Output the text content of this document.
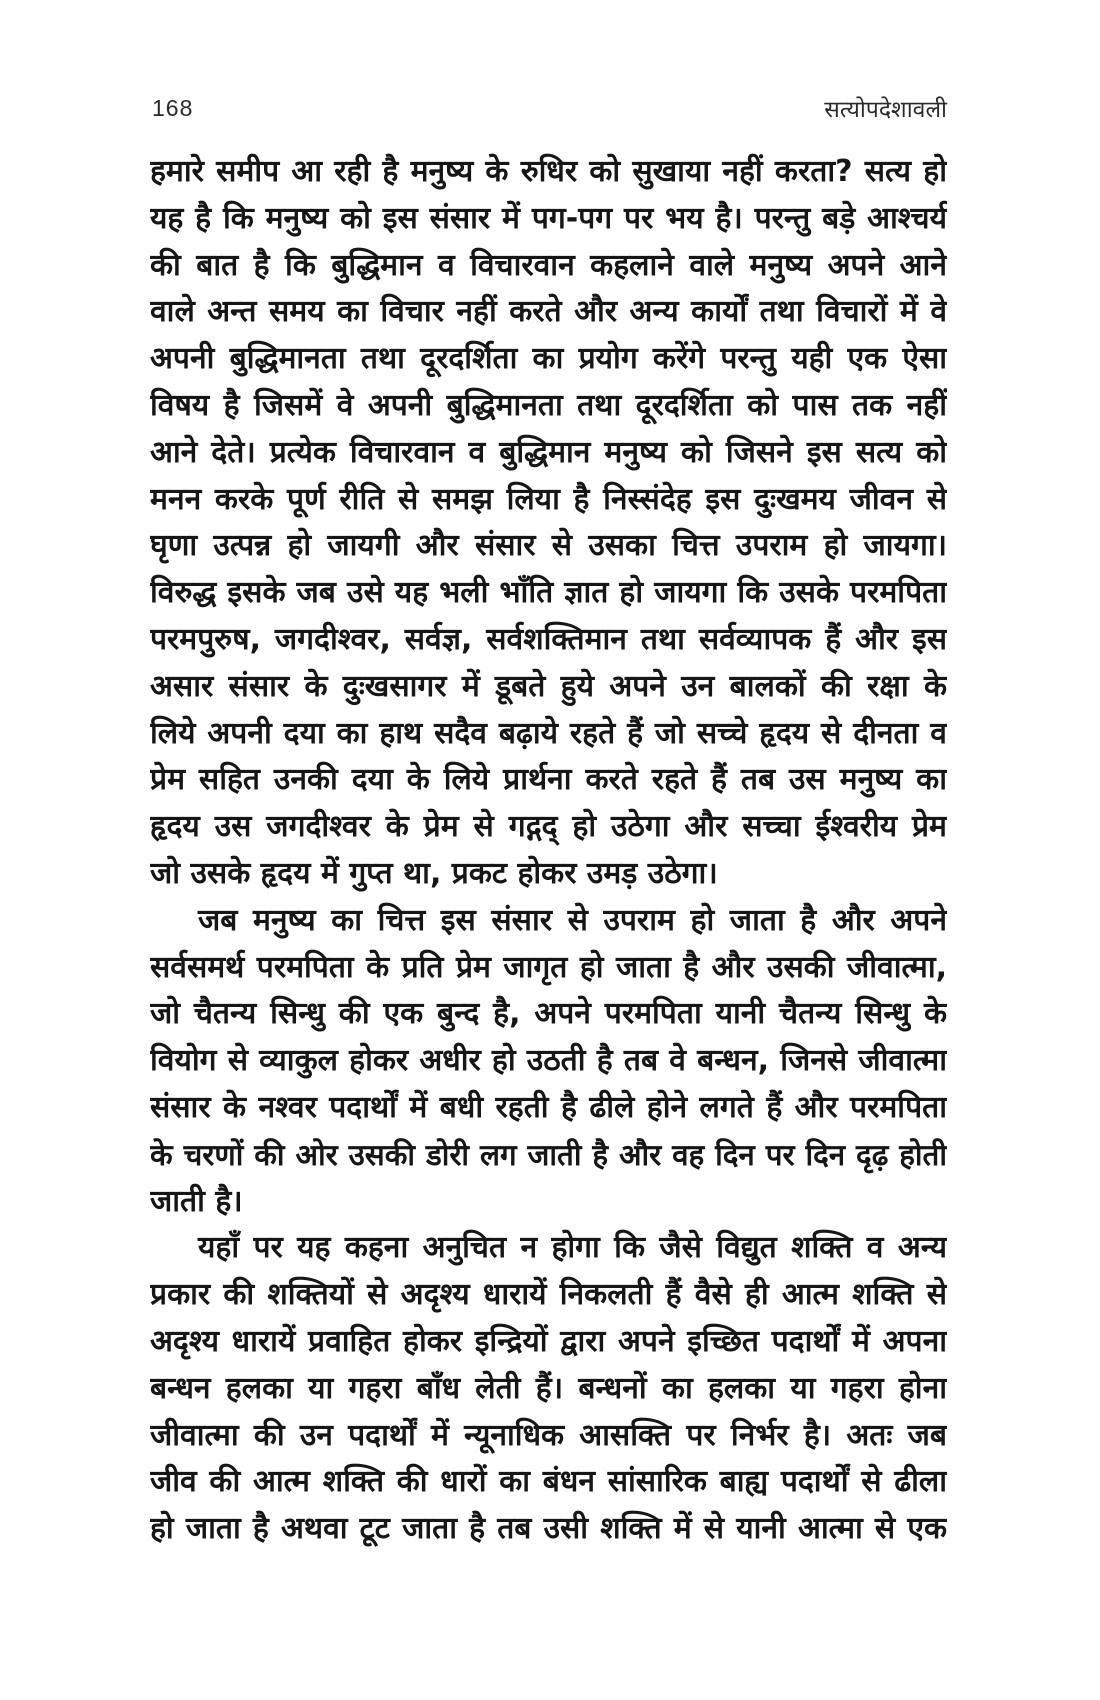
168	सत्योपदेशावली
हमारे समीप आ रही है मनुष्य के रुधिर को सुखाया नहीं करता? सत्य हो
यह है कि मनुष्य को इस संसार में पग-पग पर भय है। परन्तु बड़े आश्चर्य
की बात है कि बुद्धिमान व विचारवान कहलाने वाले मनुष्य अपने आने
वाले अन्त समय का विचार नहीं करते और अन्य कार्यों तथा विचारों में वे
अपनी बुद्धिमानता तथा दूरदर्शिता का प्रयोग करेंगे परन्तु यही एक ऐसा
विषय है जिसमें वे अपनी बुद्धिमानता तथा दूरदर्शिता को पास तक नहीं
आने देते। प्रत्येक विचारवान व बुद्धिमान मनुष्य को जिसने इस सत्य को
मनन करके पूर्ण रीति से समझ लिया है निस्संदेह इस दुःखमय जीवन से
घृणा उत्पन्न हो जायगी और संसार से उसका चित्त उपराम हो जायगा।
विरुद्ध इसके जब उसे यह भली भाँति ज्ञात हो जायगा कि उसके परमपिता
परमपुरुष, जगदीश्वर, सर्वज्ञ, सर्वशक्तिमान तथा सर्वव्यापक हैं और इस
असार संसार के दुःखसागर में डूबते हुये अपने उन बालकों की रक्षा के
लिये अपनी दया का हाथ सदैव बढ़ाये रहते हैं जो सच्चे हृदय से दीनता व
प्रेम सहित उनकी दया के लिये प्रार्थना करते रहते हैं तब उस मनुष्य का
हृदय उस जगदीश्वर के प्रेम से गद्गद् हो उठेगा और सच्चा ईश्वरीय प्रेम
जो उसके हृदय में गुप्त था, प्रकट होकर उमड़ उठेगा।
जब मनुष्य का चित्त इस संसार से उपराम हो जाता है और अपने
सर्वसमर्थ परमपिता के प्रति प्रेम जागृत हो जाता है और उसकी जीवात्मा,
जो चैतन्य सिन्धु की एक बुन्द है, अपने परमपिता यानी चैतन्य सिन्धु के
वियोग से व्याकुल होकर अधीर हो उठती है तब वे बन्धन, जिनसे जीवात्मा
संसार के नश्वर पदार्थों में बधी रहती है ढीले होने लगते हैं और परमपिता
के चरणों की ओर उसकी डोरी लग जाती है और वह दिन पर दिन दृढ़ होती
जाती है।
यहाँ पर यह कहना अनुचित न होगा कि जैसे विद्युत शक्ति व अन्य
प्रकार की शक्तियों से अदृश्य धारायें निकलती हैं वैसे ही आत्म शक्ति से
अदृश्य धारायें प्रवाहित होकर इन्द्रियों द्वारा अपने इच्छित पदार्थों में अपना
बन्धन हलका या गहरा बाँध लेती हैं। बन्धनों का हलका या गहरा होना
जीवात्मा की उन पदार्थों में न्यूनाधिक आसक्ति पर निर्भर है। अतः जब
जीव की आत्म शक्ति की धारों का बंधन सांसारिक बाह्य पदार्थों से ढीला
हो जाता है अथवा टूट जाता है तब उसी शक्ति में से यानी आत्मा से एक
